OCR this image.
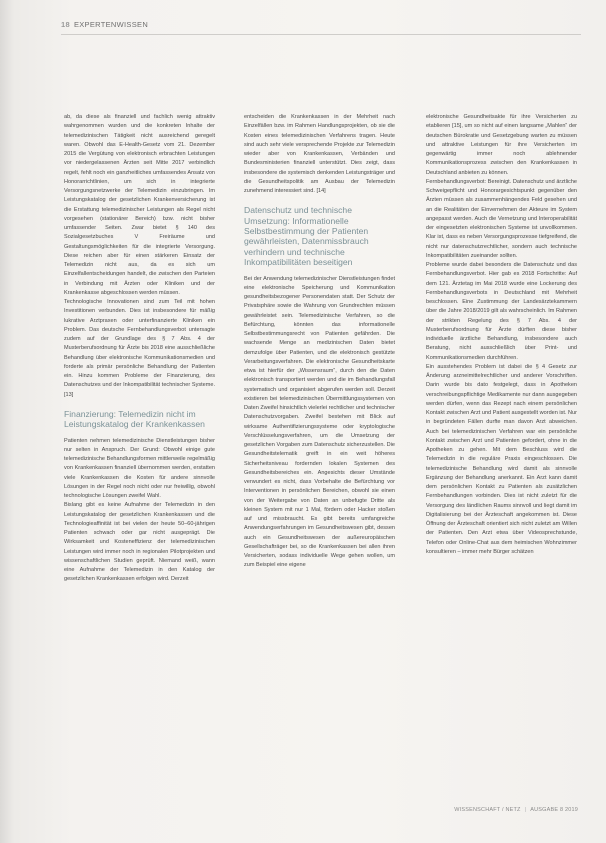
18 EXPERTENWISSEN

ab, da diese als finanziell und fachlich wenig attraktiv wahrgenommen wurden und die konkreten Inhalte der telemedizinischen Tätigkeit nicht ausreichend geregelt waren. Obwohl das E-Health-Gesetz vom 21. Dezember 2015 die Vergütung von elektronisch erbrachten Leistungen vor niedergelassenen Ärzten seit Mitte 2017 verbindlich regelt, fehlt noch ein ganzheitliches umfassendes Ansatz von Honorarrichtlinien, um sich in integrierte Versorgungsnetzwerke der Telemedizin einzubringen. Im Leistungskatalog der gesetzlichen Krankenversicherung ist die Erstattung telemedizinischer Leistungen als Regel nicht vorgesehen (stationärer Bereich) bzw. nicht bisher umfassender Seiten. Zwar bietet § 140 des Sozialgesetzbuches V Freiräume und Gestaltungsmöglichkeiten für die integrierte Versorgung. Diese reichen aber für einen stärkeren Einsatz der Telemedizin nicht aus, da es sich um Einzelfallentscheidungen handelt, die zwischen den Parteien in Verbindung mit Ärzten oder Kliniken und der Krankenkasse abgeschlossen werden müssen.

Technologische Innovationen sind zum Teil mit hohen Investitionen verbunden. Dies ist insbesondere für mäßig lukrative Arztpraxen oder unterfinanzierte Kliniken ein Problem. Das deutsche Fernbehandlungsverbot untersagte zudem auf der Grundlage des § 7 Abs. 4 der Musterberufsordnung für Ärzte bis 2018 eine ausschließliche Behandlung über elektronische Kommunikationsmedien und forderte als primär persönliche Behandlung der Patienten ein. Hinzu kommen Probleme der Finanzierung, des Datenschutzes und der Inkompatibilität technischer Systeme. [13]

Finanzierung: Telemedizin nicht im Leistungskatalog der Krankenkassen

Patienten nehmen telemedizinische Dienstleistungen bisher nur selten in Anspruch. Der Grund: Obwohl einige gute telemedizinische Behandlungsformen mittlerweile regelmäßig von Krankenkassen finanziell übernommen werden, erstatten viele Krankenkassen die Kosten für andere sinnvolle Lösungen in der Regel noch nicht oder nur freiwillig, obwohl technologische Lösungen zweifel Wahl.

Bislang gibt es keine Aufnahme der Telemedizin in den Leistungskatalog der gesetzlichen Krankenkassen und die Technologieaffinität ist bei vielen der heute 50–60-jährigen Patienten schwach oder gar nicht ausgeprägt. Die Wirksamkeit und Kosteneffizienz der telemedizinischen Leistungen wird immer noch in regionalen Pilotprojekten und wissenschaftlichen Studien geprüft. Niemand weiß, wann eine Aufnahme der Telemedizin in den Katalog der gesetzlichen Krankenkassen erfolgen wird. Derzeit

entscheiden die Krankenkassen in der Mehrheit nach Einzelfällen bzw. im Rahmen Handlungsprojekten, ob sie die Kosten eines telemedizinischen Verfahrens tragen. Heute sind auch sehr viele versprechende Projekte zur Telemedizin wieder aber von Krankenkassen, Verbänden und Bundesministerien finanziell unterstützt. Dies zeigt, dass insbesondere die systemisch denkenden Leistungsträger und die Gesundheitspolitik am Ausbau der Telemedizin zunehmend interessiert sind. [14]

Datenschutz und technische Umsetzung: Informationelle Selbstbestimmung der Patienten gewährleisten, Datenmissbrauch verhindern und technische Inkompatibilitäten beseitigen

Bei der Anwendung telemedizinischer Dienstleistungen findet eine elektronische Speicherung und Kommunikation gesundheitsbezogener Personendaten statt. Der Schutz der Privatsphäre sowie die Wahrung von Grundrechten müssen gewährleistet sein. Telemedizinische Verfahren, so die Befürchtung, könnten das informationelle Selbstbestimmungsrecht von Patienten gefährden. Die wachsende Menge an medizinischen Daten bietet demzufolge über Patienten, und die elektronisch gestützte Verarbeitungsverfahren. Die elektronische Gesundheitskarte etwa ist hierfür der „Wissensraum“, durch den die Daten elektronisch transportiert werden und die im Behandlungsfall systematisch und organisiert abgerufen werden soll. Derzeit existieren bei telemedizinischen Übermittlungssystemen von Daten Zweifel hinsichtlich vielerlei rechtlicher und technischer Datenschutzvorgaben. Zweifel bestehen mit Blick auf wirksame Authentifizierungssysteme oder kryptologische Verschlüsselungsverfahren, um die Umsetzung der gesetzlichen Vorgaben zum Datenschutz sicherzustellen. Die Gesundheitstelematik greift in ein weit höheres Sicherheitsniveau fordernden lokalen Systemen des Gesundheitsbereiches ein. Angesichts dieser Umstände verwundert es nicht, dass Vorbehalte die Befürchtung vor Interventionen in persönlichen Bereichen, obwohl sie einen von der Weitergabe von Daten an unbefugte Dritte als kleinen System mit nur 1 Mal, fördern oder Hacker stoßen auf und missbraucht. Es gibt bereits umfangreiche Anwendungserfahrungen im Gesundheitswesen gibt, dessen auch ein Gesundheitswesen der außereuropäischen Gesellschafträger bei, so die Krankenkassen bei allen ihren Versicherten, sodass individuelle Wege gehen wollen, um zum Beispiel eine eigene

elektronische Gesundheitsakte für ihre Versicherten zu etablieren [15], um so nicht auf einen langsame „Mahlen“ der deutschen Bürokratie und Gesetzgebung warten zu müssen und attraktive Leistungen für ihre Versicherten im gegenwärtig immer noch ablehnender Kommunikationsprozess zwischen den Krankenkassen in Deutschland anbieten zu können.

Fernbehandlungsverbot: Bereinigt. Datenschutz und ärztliche Schweigepflicht und Honorargesichtspunkt gegenüber den Ärzten müssen als zusammenhängendes Feld gesehen und an die Realitäten der Einvernehmen der Akteure im System angepasst werden. Auch die Vernetzung und Interoperabilität der eingesetzten elektronischen Systeme ist unvollkommen. Klar ist, dass es neben Versorgungsprozesse tiefgreifend, die nicht nur datenschutzrechtlicher, sondern auch technische Inkompatibilitäten zueinander sollten.

Probleme wurde dabei besonders die Datenschutz und das Fernbehandlungsverbot. Hier gab es 2018 Fortschritte: Auf dem 121. Ärztetag im Mai 2018 wurde eine Lockerung des Fernbehandlungsverbots in Deutschland mit Mehrheit beschlossen. Eine Zustimmung der Landesärztekammern über die Jahre 2018/2019 gilt als wahrscheinlich. Im Rahmen der strikten Regelung des § 7 Abs. 4 der Musterberufsordnung für Ärzte dürften diese bisher individuelle ärztliche Behandlung, insbesondere auch Beratung, nicht ausschließlich über Print- und Kommunikationsmedien durchführen.

Ein ausstehendes Problem ist dabei die § 4 Gesetz zur Änderung arzneimittelrechtlicher und anderer Vorschriften. Darin wurde bis dato festgelegt, dass in Apotheken verschreibungspflichtige Medikamente nur dann ausgegeben werden dürfen, wenn das Rezept nach einem persönlichen Kontakt zwischen Arzt und Patient ausgestellt worden ist. Nur in begründeten Fällen durfte man davon Arzt abweichen. Auch bei telemedizinischen Verfahren war ein persönliche Kontakt zwischen Arzt und Patienten gefordert, ohne in die Apotheken zu gehen. Mit dem Beschluss wird die Telemedizin in die reguläre Praxis eingeschlossen. Die telemedizinische Behandlung wird damit als sinnvolle Ergänzung der Behandlung anerkannt. Ein Arzt kann damit dem persönlichen Kontakt zu Patienten als zusätzlichen Fernbehandlungen vorbinden. Dies ist nicht zuletzt für die Versorgung des ländlichen Raums sinnvoll und liegt damit im Digitalisierung bei der Ärzteschaft angekommen ist. Diese Öffnung der Ärzteschaft orientiert sich nicht zuletzt am Willen der Patienten. Den Arzt etwa über Videosprechstunde, Telefon oder Online-Chat aus dem heimischen Wohnzimmer konsultieren – immer mehr Bürger schätzen

WISSENSCHAFT / NETZ | AUSGABE 8 2019
